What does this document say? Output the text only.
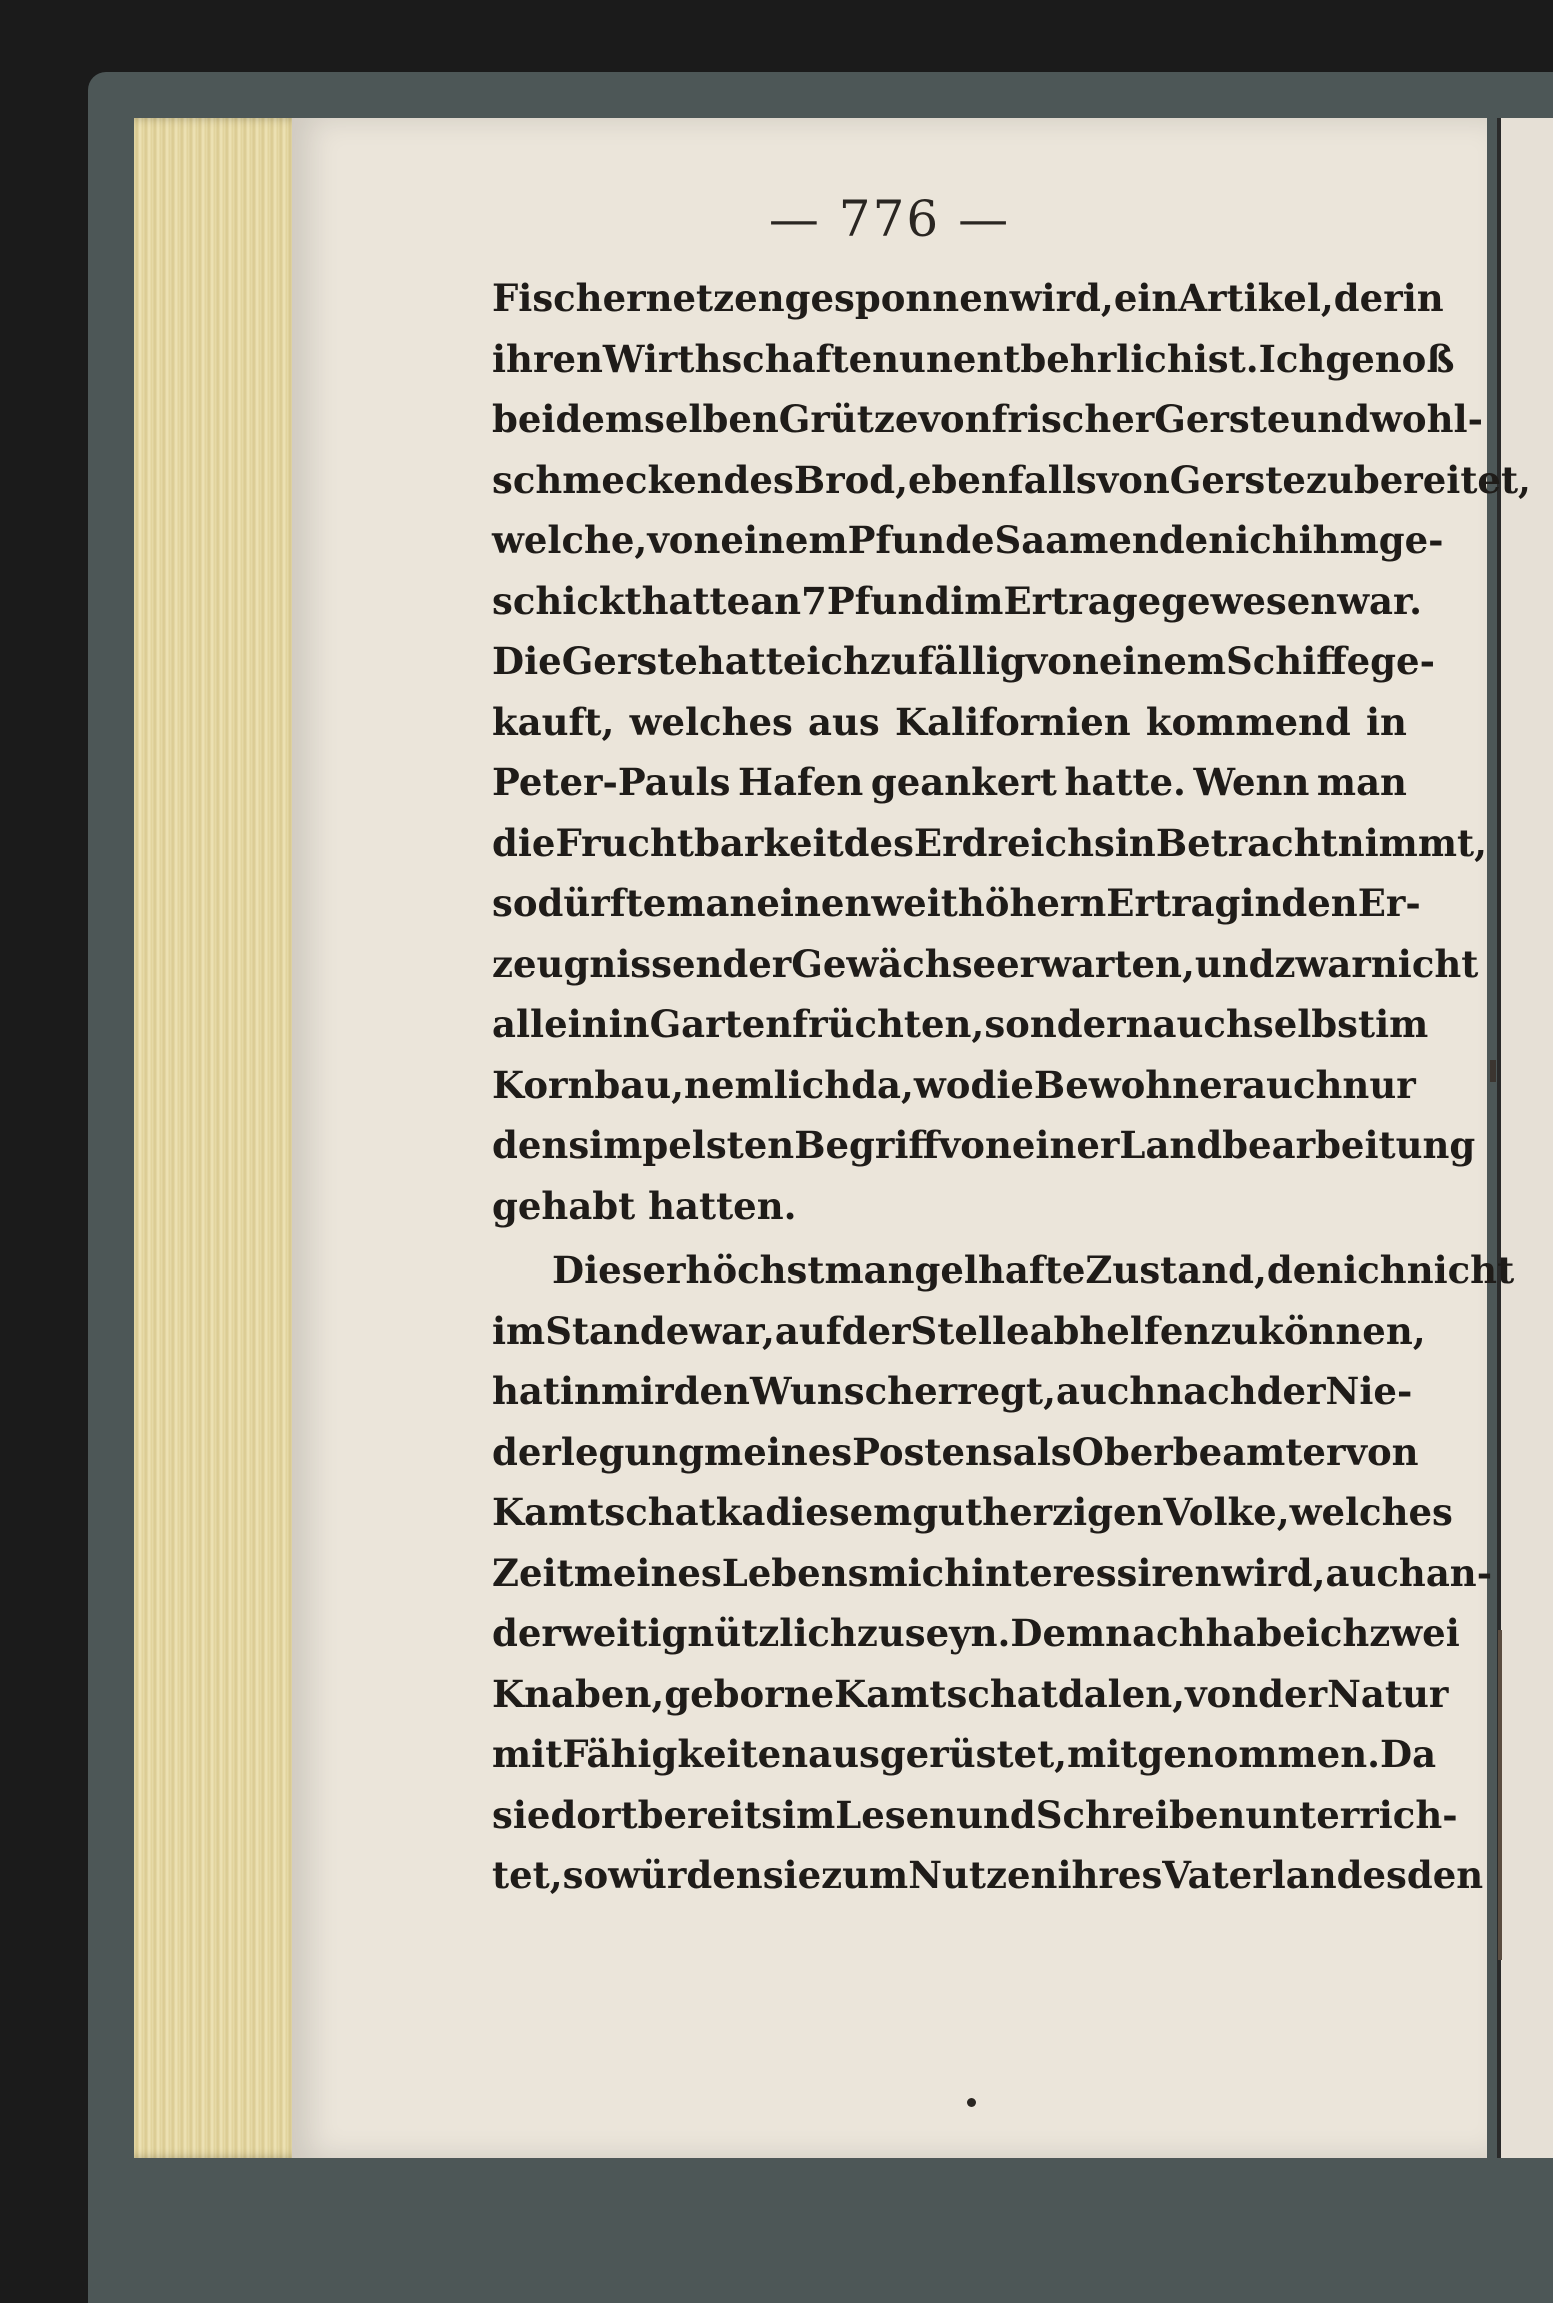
— 776 —
Fischernetzen gesponnen wird, ein Artikel, der in
ihren Wirthschaften unentbehrlich ist. Ich genoß
bei demselben Grütze von frischer Gerste und wohl-
schmeckendes Brod, ebenfalls von Gerste zubereitet,
welche, von einem Pfunde Saamen den ich ihm ge-
schickt hatte an 7 Pfund im Ertrage gewesen war.
Die Gerste hatte ich zufällig von einem Schiffe ge-
kauft, welches aus Kalifornien kommend in
Peter-Pauls Hafen geankert hatte. Wenn man
die Fruchtbarkeit des Erdreichs in Betracht nimmt,
so dürfte man einen weit höhern Ertrag in den Er-
zeugnissen der Gewächse erwarten, und zwar nicht
allein in Gartenfrüchten, sondern auch selbst im
Kornbau, nemlich da, wo die Bewohner auch nur
den simpelsten Begriff von einer Landbearbeitung
gehabt hatten.
Dieser höchst mangelhafte Zustand, den ich nicht
im Stande war, auf der Stelle abhelfen zu können,
hat in mir den Wunsch erregt, auch nach der Nie-
derlegung meines Postens als Oberbeamter von
Kamtschatka diesem gutherzigen Volke, welches
Zeit meines Lebens mich interessiren wird, auch an-
derweitig nützlich zu seyn. Demnach habe ich zwei
Knaben, geborne Kamtschatdalen, von der Natur
mit Fähigkeiten ausgerüstet, mitgenommen. Da
sie dort bereits im Lesen und Schreiben unterrich-
tet, so würden sie zum Nutzen ihres Vaterlandes den
